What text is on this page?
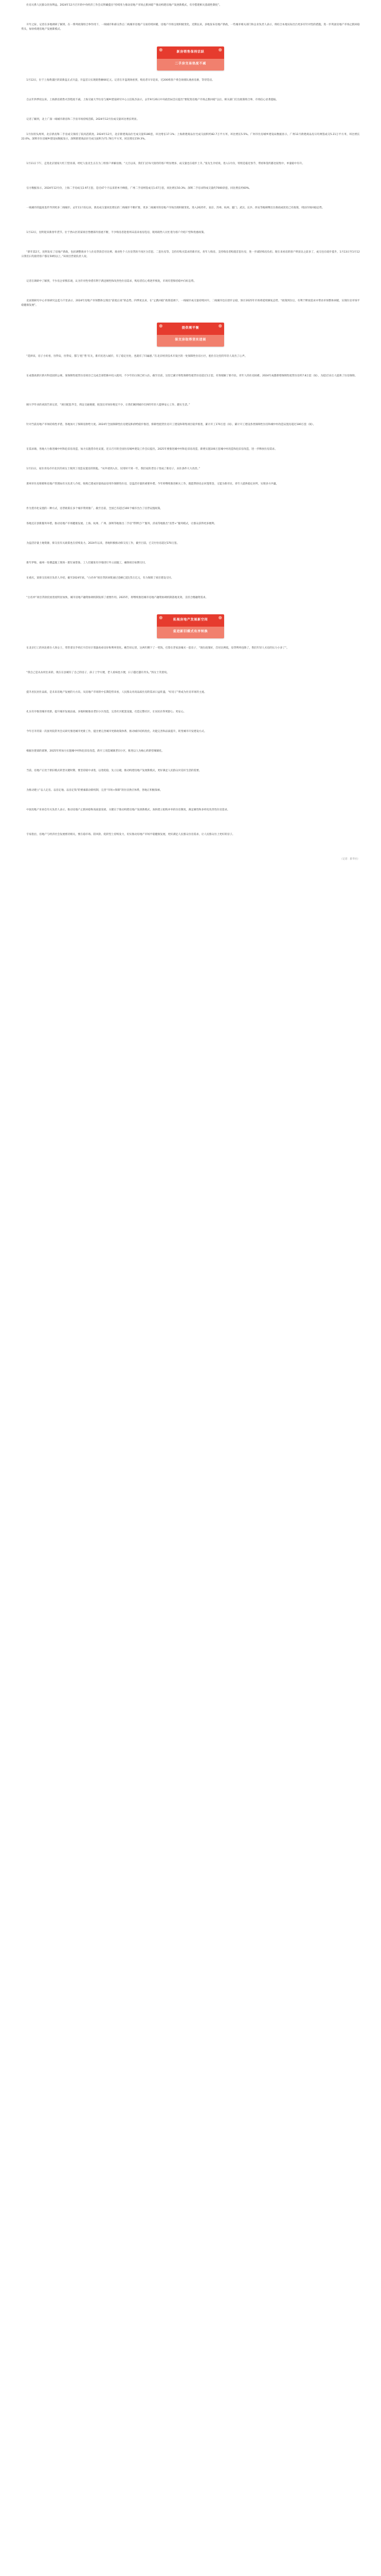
住房关系人民群众切身利益。2024年12月召开的中央经济工作会议明确提出“持续用力推动房地产市场止跌回稳”“推动构建房地产发展新模式，有序搭建相关基础性制度”。

开年之际，记者在多地调研了解到，在一系列政策组合拳作用下，一线城市和部分热点二线城市房地产交易持续回暖，房地产市场呈现积极变化。近期以来，多地发布房地产新政，一些城市相关部门和企业负责人表示，将结合本地实际出台更多有针对性的措施，进一步巩固房地产市场止跌回稳势头，加快构建房地产发展新模式。

新房销售保持活跃
二手房交易热度不减

1月12日，位于上海黄浦区的某新盘正式开盘，开盘首日实现销售额66亿元。记者在开盘现场看到，购房者早早赶来，近200组客户将会场排队观看房源，等待选房。

自去年四季度以来，上海新房销售火热程度不减。上海交通大学住房与城乡建设研究中心主任陈杰表示，去年9月26日中央政治局会议提出“要促进房地产市场止跌回稳”以后，相关部门打出政策组合拳，市场信心显著提振。

记者了解到，北上广深一线城市新房和二手房市场持续活跃。2024年12月份成交量环比增长明显。

1月份的头两周，北京新房和二手房成交保持了较高活跃度。2024年12月，北京新建商品住宅成交量5186套，环比增长17.1%；上海新建商品住宅成交面积约82.7万平方米，环比增长5.5%。广州市住房城乡建设局数据显示，广州12月新建商品房日均网签成交5.21万平方米，环比增长22.0%。深圳市住房城乡建设局数据显示，深圳新建商品住宅成交面积为71.78万平方米，同比增长159.3%。

1月11日下午，走进北京链家大红门营业部，经纪人张先生正在为三组客户讲解房源。“元旦以来，我们门店每天接待的客户明显增多，成交量也在稳步上升。”张先生介绍说，进入1月份，特别是临近春节，带看和签约都比较集中，单量稳中有升。

官方数据显示，2024年12月份，上海二手房成交2.97万套，是近47个月以来的单月峰值，广州二手房网签成交1.67万套，同比增长50.3%；深圳二手房录得成交量约7000余套，同比增长约60%。

一线城市的温度也传导到更多二线城市。去年11月份以来，新房成交量同比增长的二线城市不断扩围，更多二线城市的房地产市场出现积极变化。进入2025年，南京、苏州、杭州、厦门、武汉、长沙、西安等地相继出台新政或优化已有政策，巩固市场回稳态势。

1月12日，昆明迎来新春年货节。位于西山区的某项目售楼部内客流不断，不少购房者趁着周末前来看房选房，现场销售人员忙着为客户介绍户型和优惠政策。

“新年第2天，昆明发布了房地产新政，包括调整商业个人住房贷款首付比例、商业性个人住房贷款不再区分首套、二套住房等。支持有购买需求的新市民、青年人购房，支持购房者购置首套住房，进一步减轻购房负担。现在来看房的客户明显比之前多了，成交也在稳步提升，1月13日至1月12日我们日均接待客户都在50组以上。”该项目营销负责人说。

记者在调研中了解到，不少房企审慎乐观，认为针对性举措有利于满足刚性和改善性住房需求，购房者信心将逐步恢复，市场有望保持稳中向好态势。

克而瑞研究中心市场研究总监马千里表示，2024年房地产市场整体呈现出“前低后高”的态势。四季度以来，在“止跌回稳”政策基调下，一线城市成交量持续回升，二线城市也在逐步企稳，预计2025年市场将延续修复态势，“政策到位后，有利于释放需求并带动市场整体回暖，实现住房市场平稳健康发展”。

提供需平衡
保交房取得坚实进展

“选择来，房子小好看，住得安，住得安，都与‘租’‘售’有关，新市民进入城市，有了稳定住处，也就有了归属感。”在北京经济技术开发区的一处保障性住房小区，租住在这里的年轻人说出了心声。

在成都高新区新川科技园的公寓，某保障性租赁住房项目已完成全部装修并投入使用，不少年轻白领已经入住。截至目前，这里已累计筹集保障性租赁住房超过1万套，有效缓解了新市民、青年人的住房困难。2024年成都新增保障性租赁住房约7.8万套（间），为超过13万人提供了住房保障。

刚大学毕业的刘清告诉记者，“项目配套齐全，周边交通便捷，租金比市场价便宜不少，让我们刚到城市打拼的年轻人能够安心工作、踏实生活。”

针对当前房地产市场结构性矛盾，各地加大了保障房供给力度。2024年全国保障性住房建设和供给稳步推进，保障性租赁住房开工建设和筹集项目稳步推进，累计开工170万套（间），累计开工建设各类保障性住房和城中村改造安置房超过180万套（间）。

在需求端，各地大力推进城中村和危旧房改造，加力实施货币化安置。近日召开的全国住房城乡建设工作会议提出，2025年要推进城中村和危旧房改造，新增实施100万套城中村改造和危旧房改造，进一步释放住房需求。

1月11日，家住青岛市市北区的刘女士领到了改造安置房的钥匙。“从申请到入住，仅用时不到一年，我们家的老房子变成了新房子，居住条件大大改善。”

郑州市住房保障和房地产管理局有关负责人介绍，收购已建成存量商品房用作保障性住房，是盘活存量的重要举措。今年将继续推进相关工作，既能帮助房企回笼资金，又能为新市民、青年人提供稳定居所，实现多方共赢。

作为货币化安置的一种方式，房票政策在多个城市得到推广。截至目前，全国已有超过100个城市出台了房票安置政策。

各地还在创新服务举措，推动房地产市场健康发展。上海、杭州、广州、深圳等地推出二手房“带押过户”服务，济南等地推出“房票+”服务模式，让群众获得更多便利。

为盘活存量土地资源，保交房有关政策也在持续发力。2024年以来，各地积极推动保交房工作，截至目前，已交付住房超过370万套。

新年伊始，福州一处楼盘施工现场一派忙碌景象。工人们紧张有序地进行外立面施工，确保项目如期交付。

在重庆，某保交房项目负责人介绍，截至2024年底，“白名单”项目贷款审批通过金额已超过5万亿元，有力保障了项目建设交付。

“白名单”项目贷款投放进度明显加快，城市房地产融资协调机制发挥了重要作用。2025年，将继续推进城市房地产融资协调机制落地见效，支持合理融资需求。

拓展房地产发展新空间
促进新旧模式有序转换

在北京打工的河北邢台人汤女士，常常拿出手机打开首付计算器查看房价和利率变化。她告诉记者，这两年攒下了一笔钱，打算在老家县城买一套房子，“现在政策好，首付比例低，房贷利率也降了，我们年轻人买房的压力小多了”。

“我自己是从农村出来的，现在在县城有了自己的房子，孩子上学方便，老人看病也方便，日子越过越有奔头。”汤女士笑着说。

提升居民居住品质，是未来房地产发展的大方向。从房地产市场的中长期趋势来看，人民群众对高品质住房的需求日益旺盛，“好房子”将成为住房市场的主流。

扎实有序推进城市更新，提升城市发展品质。多地积极推动老旧小区改造，完善社区配套设施，打造完整社区，让居民住得更舒心、更安心。

今年召开的第一次国务院常务会议研究推进城市更新工作，提出要完善城市更新政策体系，推动城市结构优化、功能完善和品质提升，转变城市开发建设方式。

根据住建部的部署，2025年将加力实施城中村和危旧房改造，新开工改造城镇老旧小区，推进以人为核心的新型城镇化。

当前，房地产正处于新旧模式转型关键时期，要坚持稳中求进，以进促稳，先立后破，推动构建房地产发展新模式，更好满足人民群众对美好生活的需要。

为推动建立“以人定房、以房定地、以房定钱”的要素联动新机制，完善“市场+保障”的住房供应体系，各地正积极探索。

中国房地产业协会有关负责人表示，推动房地产止跌回稳和高质量发展，关键在于推动构建房地产发展新模式，加快建立租购并举的住房制度，满足刚性和多样化改善性住房需求。

专家指出，房地产与经济社会发展密切相关，要在稳市场、防风险、促转型上持续发力，切实推动房地产市场平稳健康发展，更好满足人民群众住房需求，让人民群众住上更好的房子。

（记者：新华社）
